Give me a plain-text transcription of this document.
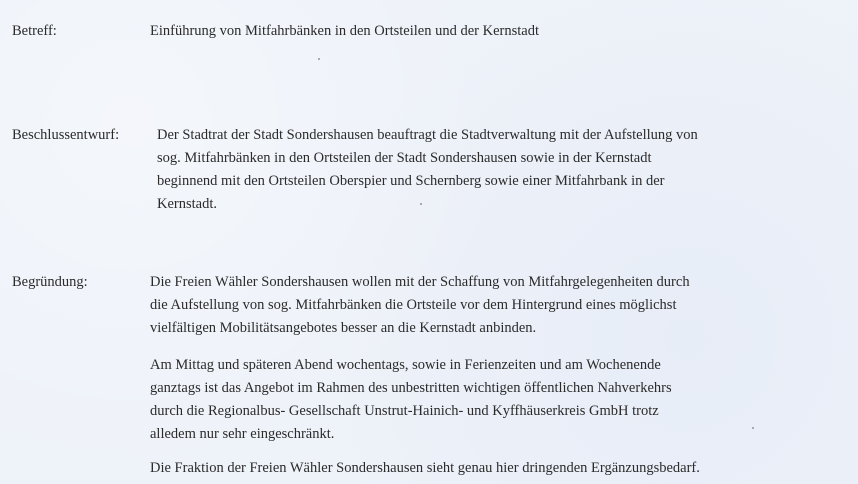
Betreff:	Einführung von Mitfahrbänken in den Ortsteilen und der Kernstadt
Beschlussentwurf:	Der Stadtrat der Stadt Sondershausen beauftragt die Stadtverwaltung mit der Aufstellung von
sog. Mitfahrbänken in den Ortsteilen der Stadt Sondershausen sowie in der Kernstadt
beginnend mit den Ortsteilen Oberspier und Schernberg sowie einer Mitfahrbank in der
Kernstadt.
Begründung:	Die Freien Wähler Sondershausen wollen mit der Schaffung von Mitfahrgelegenheiten durch
die Aufstellung von sog. Mitfahrbänken die Ortsteile vor dem Hintergrund eines möglichst
vielfältigen Mobilitätsangebotes besser an die Kernstadt anbinden.
Am Mittag und späteren Abend wochentags, sowie in Ferienzeiten und am Wochenende
ganztags ist das Angebot im Rahmen des unbestritten wichtigen öffentlichen Nahverkehrs
durch die Regionalbus- Gesellschaft Unstrut-Hainich- und Kyffhäuserkreis GmbH trotz
alledem nur sehr eingeschränkt.
Die Fraktion der Freien Wähler Sondershausen sieht genau hier dringenden Ergänzungsbedarf.
